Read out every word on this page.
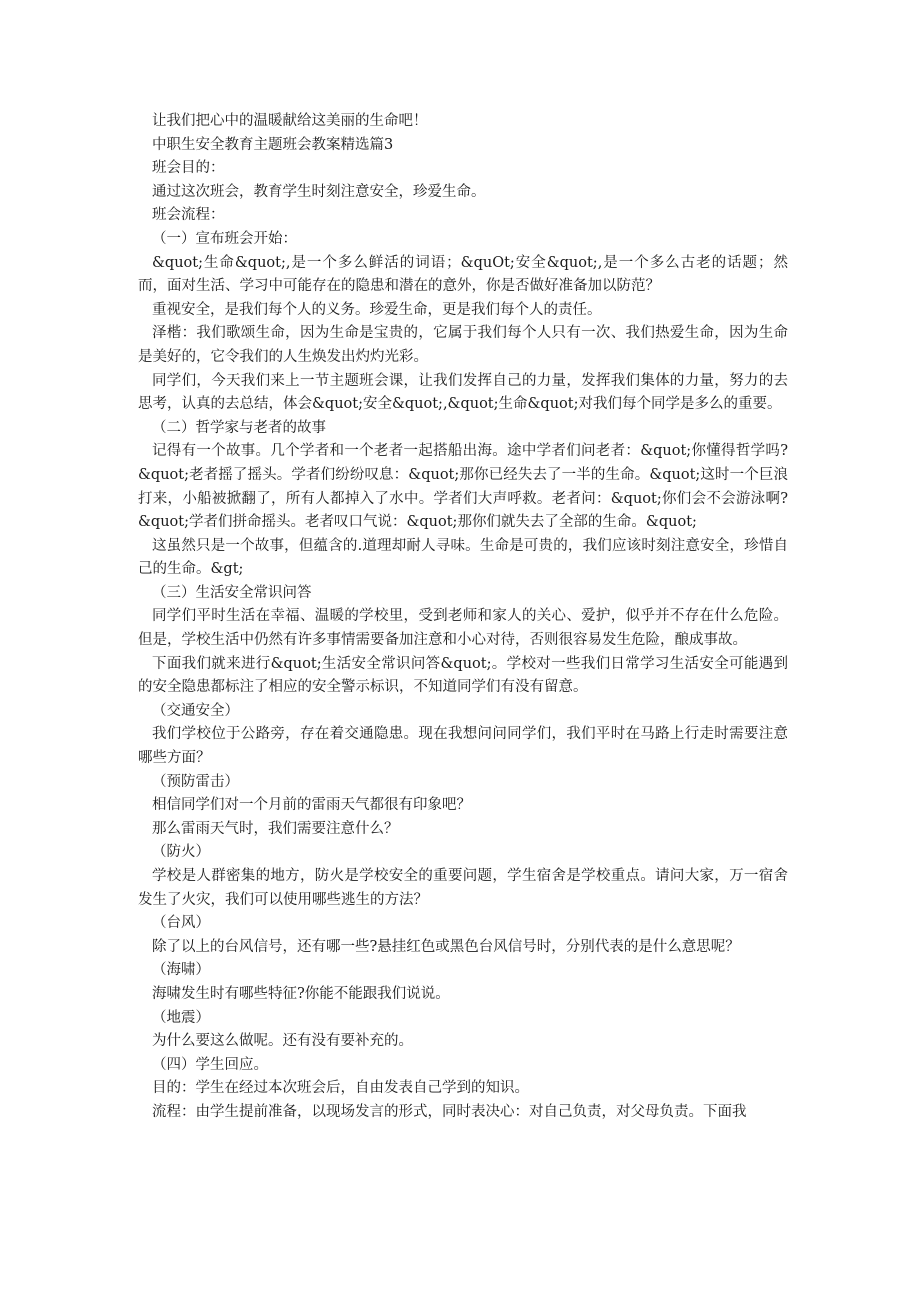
让我们把心中的温暖献给这美丽的生命吧！

中职生安全教育主题班会教案精选篇3

班会目的：

通过这次班会，教育学生时刻注意安全，珍爱生命。

班会流程：

（一）宣布班会开始：

&quot;生命&quot;,是一个多么鲜活的词语；&quOt;安全&quot;,是一个多么古老的话题；然而，面对生活、学习中可能存在的隐患和潜在的意外，你是否做好准备加以防范？

重视安全，是我们每个人的义务。珍爱生命，更是我们每个人的责任。

泽楷：我们歌颂生命，因为生命是宝贵的，它属于我们每个人只有一次、我们热爱生命，因为生命是美好的，它令我们的人生焕发出灼灼光彩。

同学们，今天我们来上一节主题班会课，让我们发挥自己的力量，发挥我们集体的力量，努力的去思考，认真的去总结，体会&quot;安全&quot;,&quot;生命&quot;对我们每个同学是多么的重要。

（二）哲学家与老者的故事

记得有一个故事。几个学者和一个老者一起搭船出海。途中学者们问老者：&quot;你懂得哲学吗?&quot;老者摇了摇头。学者们纷纷叹息：&quot;那你已经失去了一半的生命。&quot;这时一个巨浪打来，小船被掀翻了，所有人都掉入了水中。学者们大声呼救。老者问：&quot;你们会不会游泳啊?&quot;学者们拼命摇头。老者叹口气说：&quot;那你们就失去了全部的生命。&quot;

这虽然只是一个故事，但蕴含的.道理却耐人寻味。生命是可贵的，我们应该时刻注意安全，珍惜自己的生命。&gt;

（三）生活安全常识问答

同学们平时生活在幸福、温暖的学校里，受到老师和家人的关心、爱护，似乎并不存在什么危险。但是，学校生活中仍然有许多事情需要备加注意和小心对待，否则很容易发生危险，酿成事故。

下面我们就来进行&quot;生活安全常识问答&quot;。学校对一些我们日常学习生活安全可能遇到的安全隐患都标注了相应的安全警示标识，不知道同学们有没有留意。

（交通安全）

我们学校位于公路旁，存在着交通隐患。现在我想问问同学们，我们平时在马路上行走时需要注意哪些方面？

（预防雷击）

相信同学们对一个月前的雷雨天气都很有印象吧？

那么雷雨天气时，我们需要注意什么？

（防火）

学校是人群密集的地方，防火是学校安全的重要问题，学生宿舍是学校重点。请问大家，万一宿舍发生了火灾，我们可以使用哪些逃生的方法？

（台风）

除了以上的台风信号，还有哪一些?悬挂红色或黑色台风信号时，分别代表的是什么意思呢？

（海啸）

海啸发生时有哪些特征?你能不能跟我们说说。

（地震）

为什么要这么做呢。还有没有要补充的。

（四）学生回应。

目的：学生在经过本次班会后，自由发表自己学到的知识。

流程：由学生提前准备，以现场发言的形式，同时表决心：对自己负责，对父母负责。下面我
